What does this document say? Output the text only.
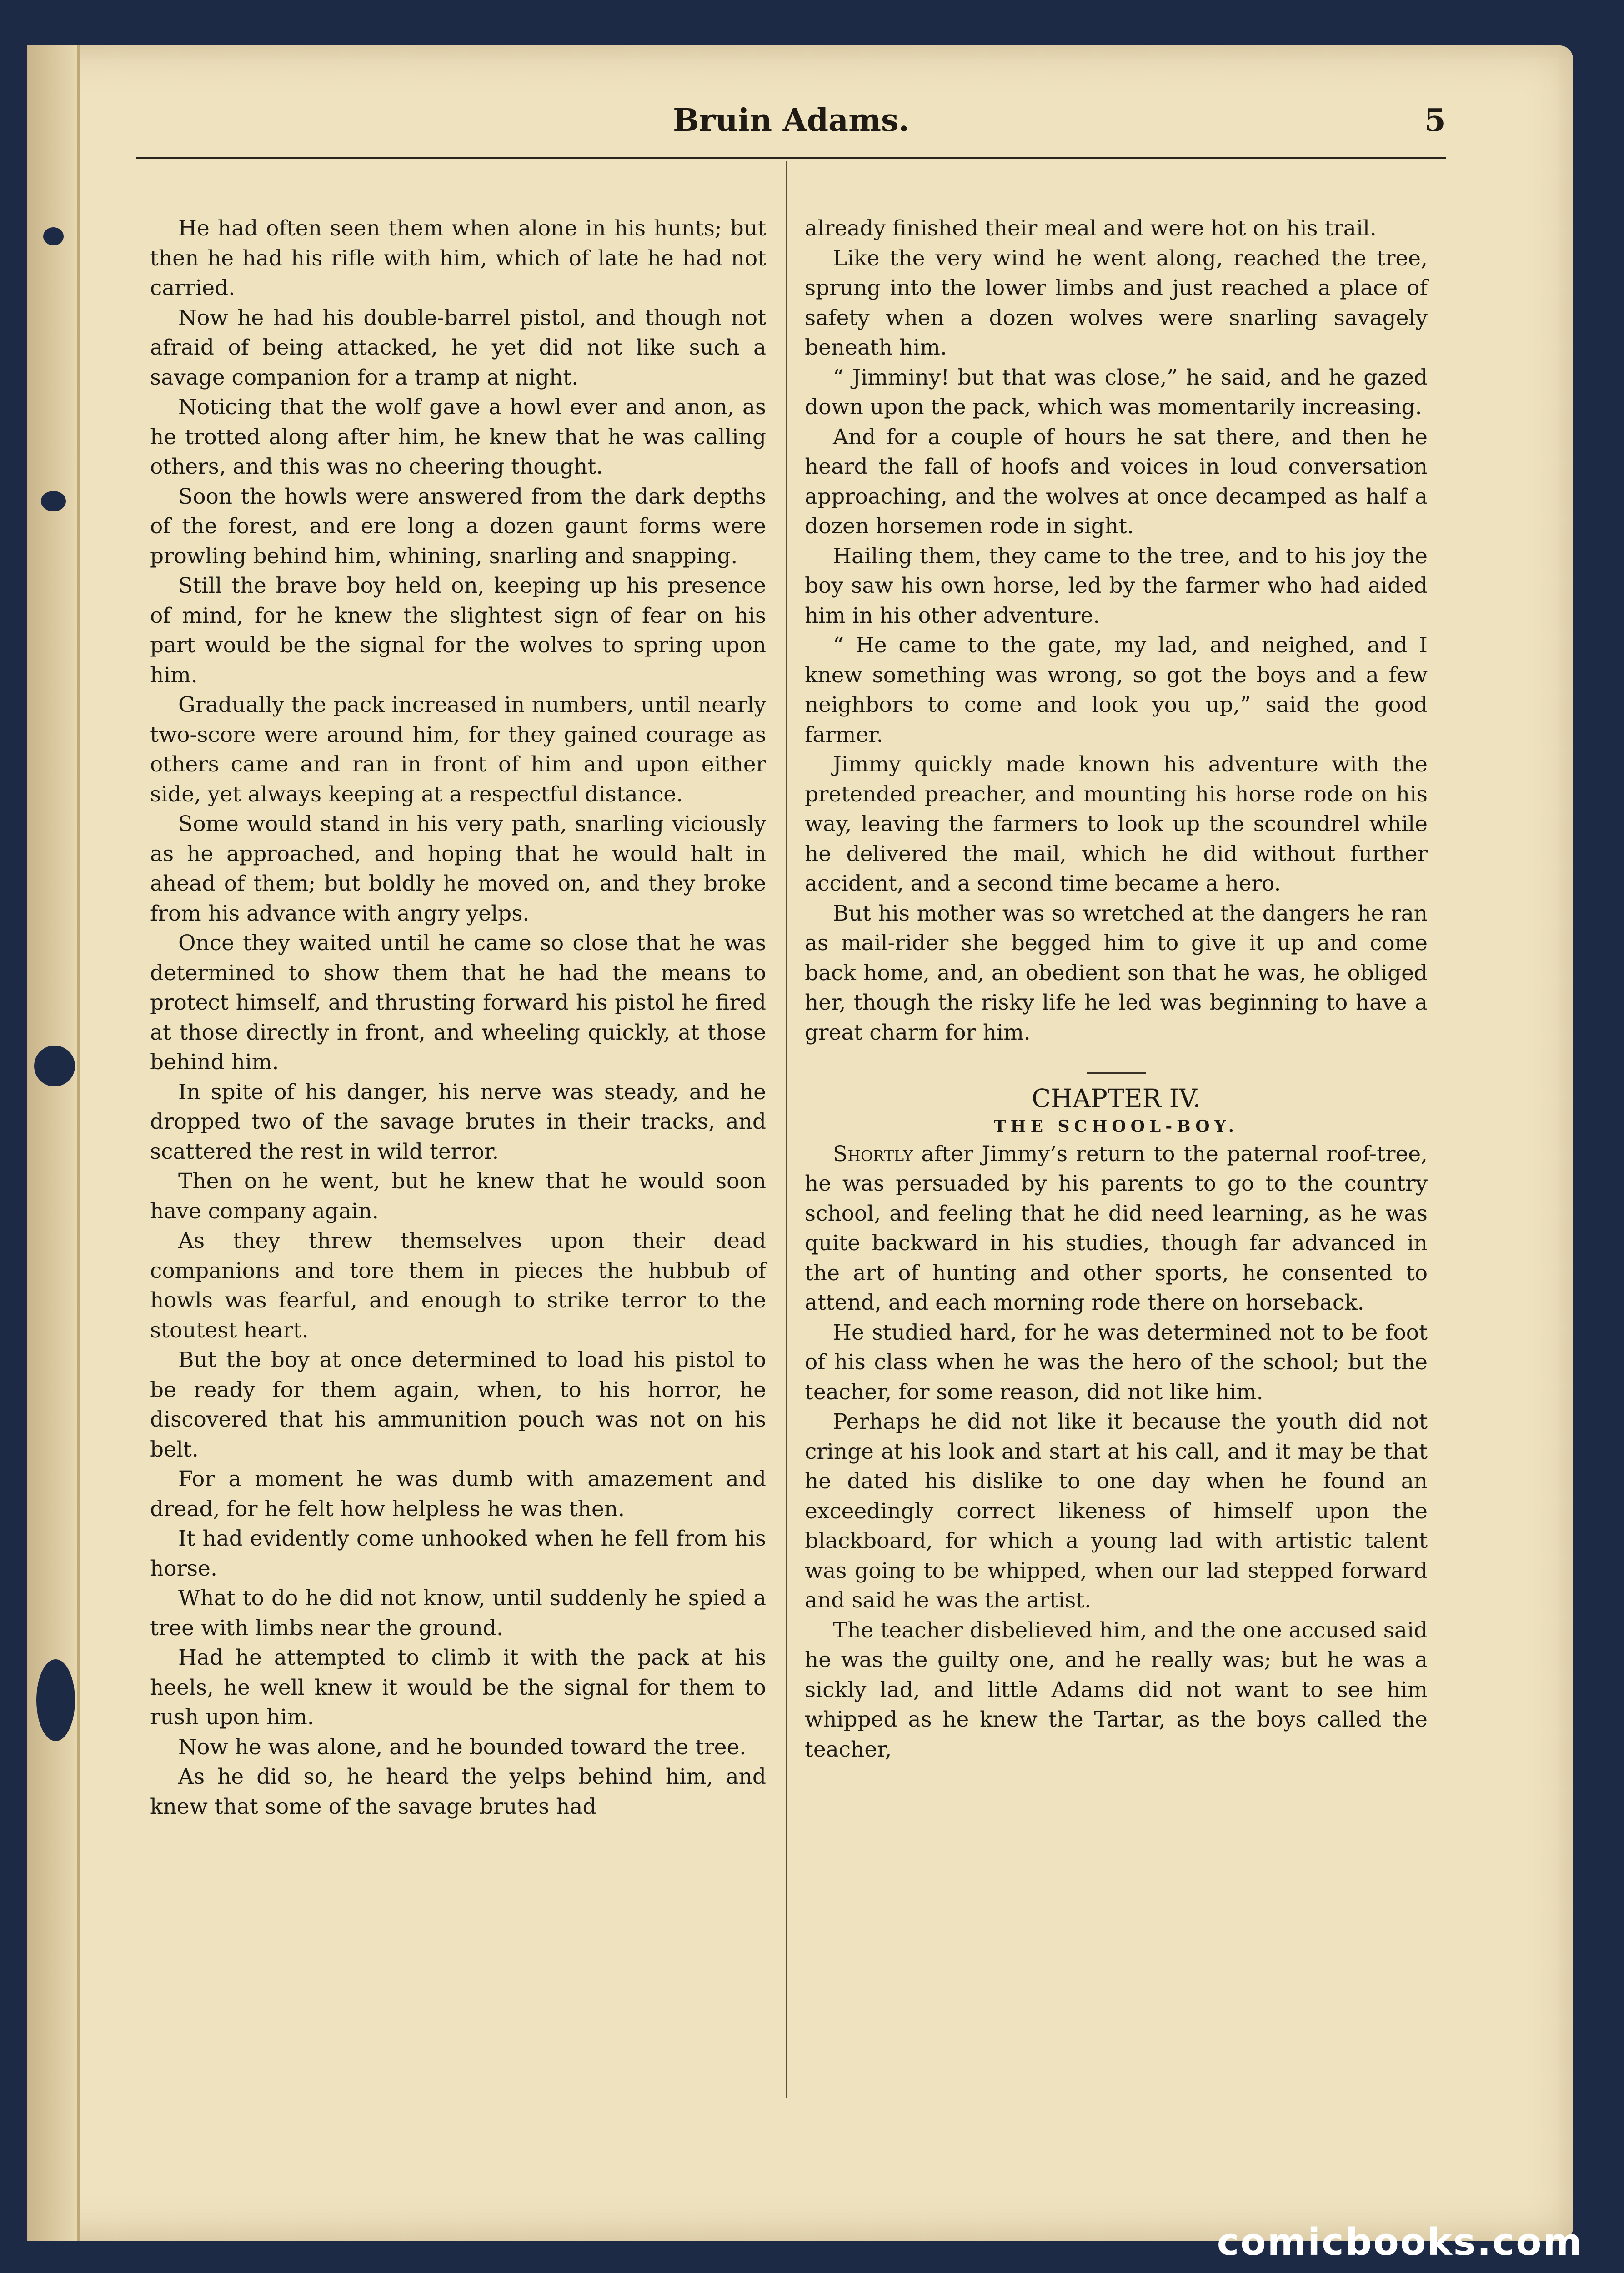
Bruin Adams.	5

He had often seen them when alone in his hunts; but then he had his rifle with him, which of late he had not carried.

Now he had his double-barrel pistol, and though not afraid of being attacked, he yet did not like such a savage companion for a tramp at night.

Noticing that the wolf gave a howl ever and anon, as he trotted along after him, he knew that he was calling others, and this was no cheering thought.

Soon the howls were answered from the dark depths of the forest, and ere long a dozen gaunt forms were prowling behind him, whining, snarling and snapping.

Still the brave boy held on, keeping up his presence of mind, for he knew the slightest sign of fear on his part would be the signal for the wolves to spring upon him.

Gradually the pack increased in numbers, until nearly two-score were around him, for they gained courage as others came and ran in front of him and upon either side, yet always keeping at a respectful distance.

Some would stand in his very path, snarling viciously as he approached, and hoping that he would halt in ahead of them; but boldly he moved on, and they broke from his advance with angry yelps.

Once they waited until he came so close that he was determined to show them that he had the means to protect himself, and thrusting forward his pistol he fired at those directly in front, and wheeling quickly, at those behind him.

In spite of his danger, his nerve was steady, and he dropped two of the savage brutes in their tracks, and scattered the rest in wild terror.

Then on he went, but he knew that he would soon have company again.

As they threw themselves upon their dead companions and tore them in pieces the hubbub of howls was fearful, and enough to strike terror to the stoutest heart.

But the boy at once determined to load his pistol to be ready for them again, when, to his horror, he discovered that his ammunition pouch was not on his belt.

For a moment he was dumb with amazement and dread, for he felt how helpless he was then.

It had evidently come unhooked when he fell from his horse.

What to do he did not know, until suddenly he spied a tree with limbs near the ground.

Had he attempted to climb it with the pack at his heels, he well knew it would be the signal for them to rush upon him.

Now he was alone, and he bounded toward the tree.

As he did so, he heard the yelps behind him, and knew that some of the savage brutes had

already finished their meal and were hot on his trail.

Like the very wind he went along, reached the tree, sprung into the lower limbs and just reached a place of safety when a dozen wolves were snarling savagely beneath him.

“ Jimminy! but that was close,” he said, and he gazed down upon the pack, which was momentarily increasing.

And for a couple of hours he sat there, and then he heard the fall of hoofs and voices in loud conversation approaching, and the wolves at once decamped as half a dozen horsemen rode in sight.

Hailing them, they came to the tree, and to his joy the boy saw his own horse, led by the farmer who had aided him in his other adventure.

“ He came to the gate, my lad, and neighed, and I knew something was wrong, so got the boys and a few neighbors to come and look you up,” said the good farmer.

Jimmy quickly made known his adventure with the pretended preacher, and mounting his horse rode on his way, leaving the farmers to look up the scoundrel while he delivered the mail, which he did without further accident, and a second time became a hero.

But his mother was so wretched at the dangers he ran as mail-rider she begged him to give it up and come back home, and, an obedient son that he was, he obliged her, though the risky life he led was beginning to have a great charm for him.

CHAPTER IV.

THE SCHOOL-BOY.

Shortly after Jimmy’s return to the paternal roof-tree, he was persuaded by his parents to go to the country school, and feeling that he did need learning, as he was quite backward in his studies, though far advanced in the art of hunting and other sports, he consented to attend, and each morning rode there on horseback.

He studied hard, for he was determined not to be foot of his class when he was the hero of the school; but the teacher, for some reason, did not like him.

Perhaps he did not like it because the youth did not cringe at his look and start at his call, and it may be that he dated his dislike to one day when he found an exceedingly correct likeness of himself upon the blackboard, for which a young lad with artistic talent was going to be whipped, when our lad stepped forward and said he was the artist.

The teacher disbelieved him, and the one accused said he was the guilty one, and he really was; but he was a sickly lad, and little Adams did not want to see him whipped as he knew the Tartar, as the boys called the teacher,

comicbooks.com
